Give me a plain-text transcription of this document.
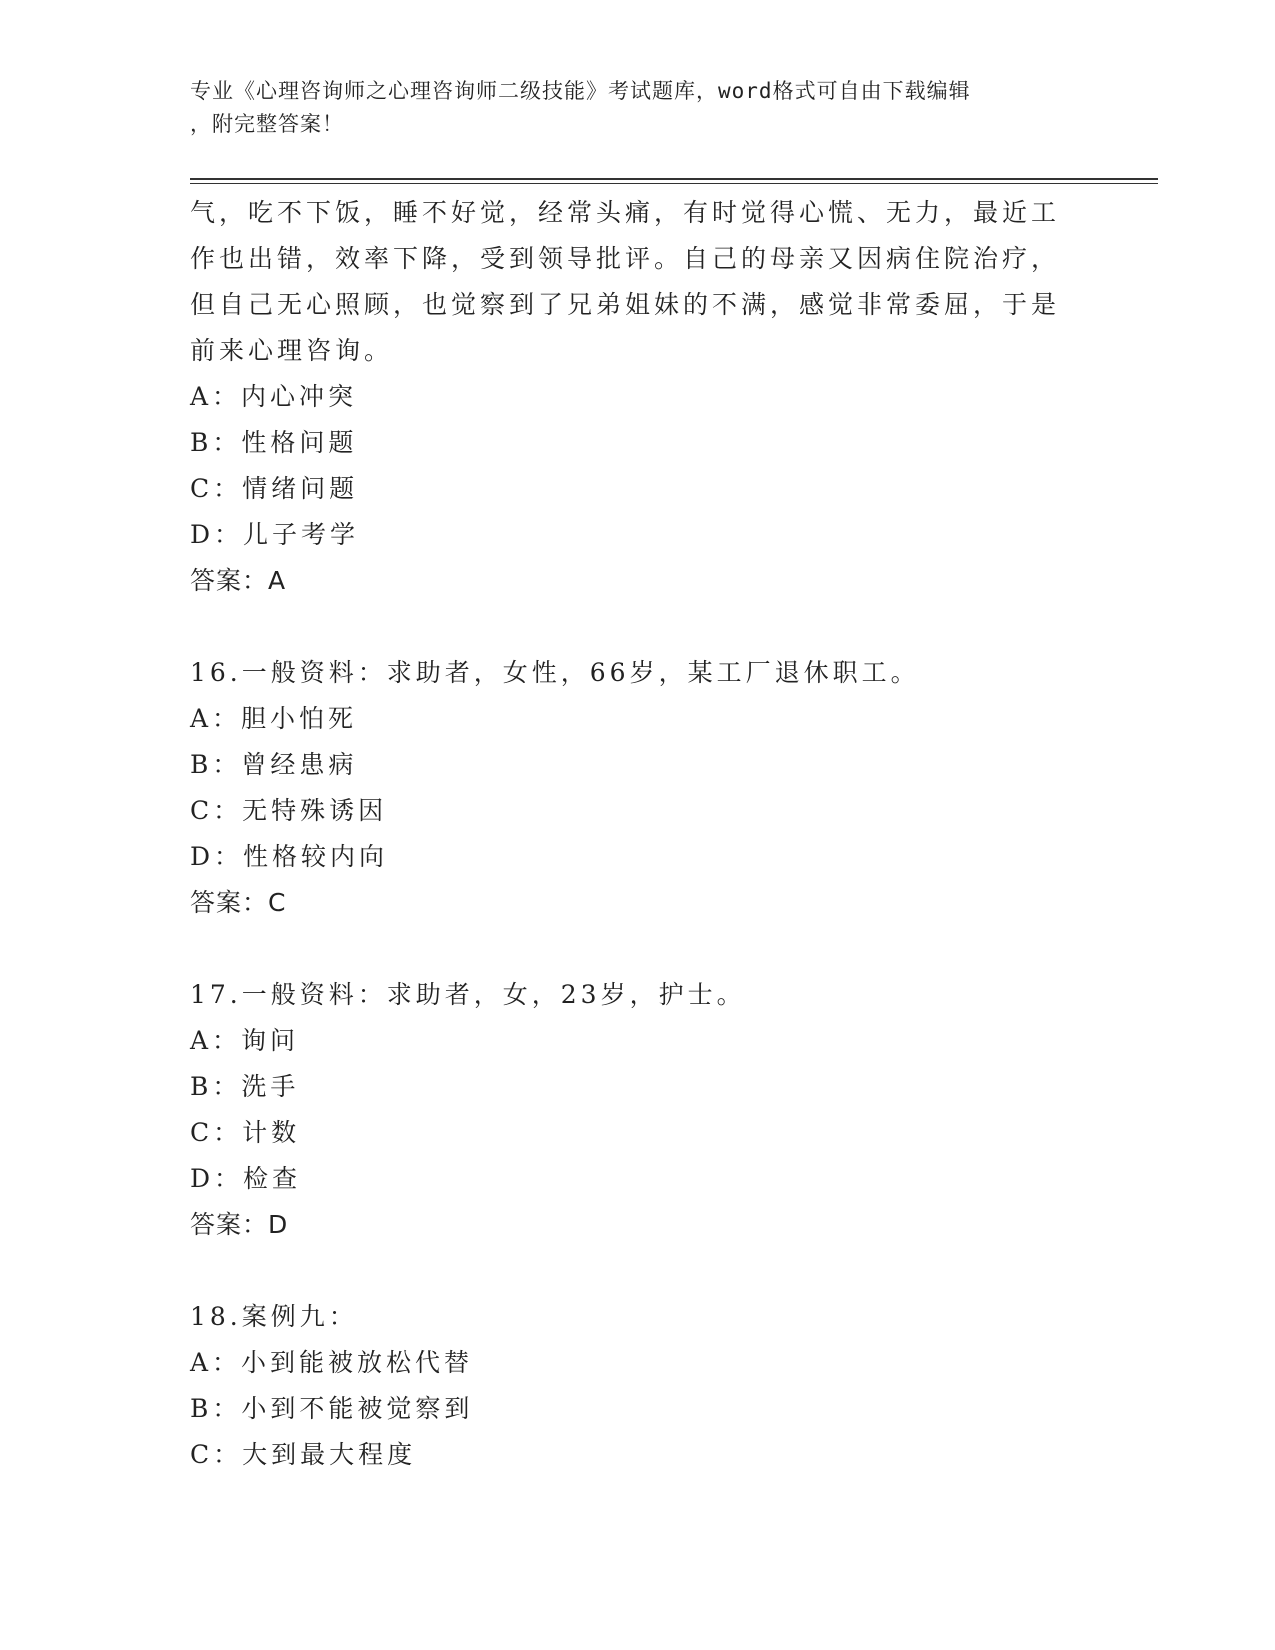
专业《心理咨询师之心理咨询师二级技能》考试题库，word格式可自由下载编辑
，附完整答案！
气，吃不下饭，睡不好觉，经常头痛，有时觉得心慌、无力，最近工
作也出错，效率下降，受到领导批评。自己的母亲又因病住院治疗，
但自己无心照顾，也觉察到了兄弟姐妹的不满，感觉非常委屈，于是
前来心理咨询。
A：内心冲突
B：性格问题
C：情绪问题
D：儿子考学
答案：A
16.一般资料：求助者，女性，66岁，某工厂退休职工。
A：胆小怕死
B：曾经患病
C：无特殊诱因
D：性格较内向
答案：C
17.一般资料：求助者，女，23岁，护士。
A：询问
B：洗手
C：计数
D：检查
答案：D
18.案例九：
A：小到能被放松代替
B：小到不能被觉察到
C：大到最大程度
